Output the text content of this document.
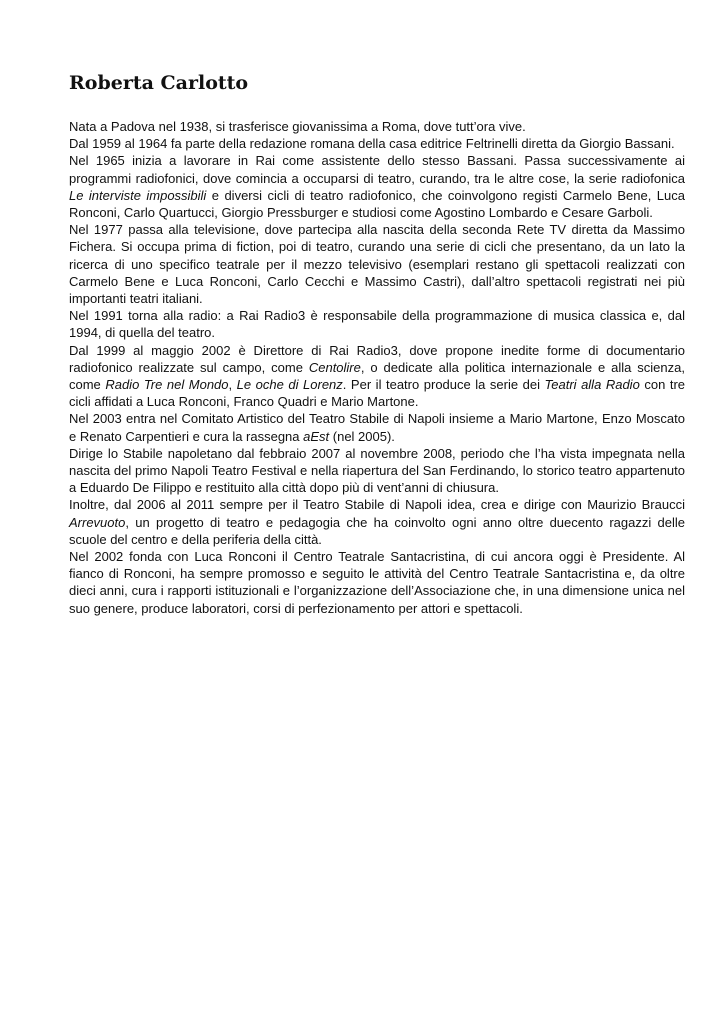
Roberta Carlotto

Nata a Padova nel 1938, si trasferisce giovanissima a Roma, dove tutt’ora vive.

Dal 1959 al 1964 fa parte della redazione romana della casa editrice Feltrinelli diretta da Giorgio Bassani.

Nel 1965 inizia a lavorare in Rai come assistente dello stesso Bassani. Passa successivamente ai programmi radiofonici, dove comincia a occuparsi di teatro, curando, tra le altre cose, la serie radiofonica Le interviste impossibili e diversi cicli di teatro radiofonico, che coinvolgono registi Carmelo Bene, Luca Ronconi, Carlo Quartucci, Giorgio Pressburger e studiosi come Agostino Lombardo e Cesare Garboli.

Nel 1977 passa alla televisione, dove partecipa alla nascita della seconda Rete TV diretta da Massimo Fichera. Si occupa prima di fiction, poi di teatro, curando una serie di cicli che presentano, da un lato la ricerca di uno specifico teatrale per il mezzo televisivo (esemplari restano gli spettacoli realizzati con Carmelo Bene e Luca Ronconi, Carlo Cecchi e Massimo Castri), dall’altro spettacoli registrati nei più importanti teatri italiani.

Nel 1991 torna alla radio: a Rai Radio3 è responsabile della programmazione di musica classica e, dal 1994, di quella del teatro.

Dal 1999 al maggio 2002 è Direttore di Rai Radio3, dove propone inedite forme di documentario radiofonico realizzate sul campo, come Centolire, o dedicate alla politica internazionale e alla scienza, come Radio Tre nel Mondo, Le oche di Lorenz. Per il teatro produce la serie dei Teatri alla Radio con tre cicli affidati a Luca Ronconi, Franco Quadri e Mario Martone.

Nel 2003 entra nel Comitato Artistico del Teatro Stabile di Napoli insieme a Mario Martone, Enzo Moscato e Renato Carpentieri e cura la rassegna aEst (nel 2005).

Dirige lo Stabile napoletano dal febbraio 2007 al novembre 2008, periodo che l’ha vista impegnata nella nascita del primo Napoli Teatro Festival e nella riapertura del San Ferdinando, lo storico teatro appartenuto a Eduardo De Filippo e restituito alla città dopo più di vent’anni di chiusura.

Inoltre, dal 2006 al 2011 sempre per il Teatro Stabile di Napoli idea, crea e dirige con Maurizio Braucci Arrevuoto, un progetto di teatro e pedagogia che ha coinvolto ogni anno oltre duecento ragazzi delle scuole del centro e della periferia della città.

Nel 2002 fonda con Luca Ronconi il Centro Teatrale Santacristina, di cui ancora oggi è Presidente. Al fianco di Ronconi, ha sempre promosso e seguito le attività del Centro Teatrale Santacristina e, da oltre dieci anni, cura i rapporti istituzionali e l’organizzazione dell’Associazione che, in una dimensione unica nel suo genere, produce laboratori, corsi di perfezionamento per attori e spettacoli.
